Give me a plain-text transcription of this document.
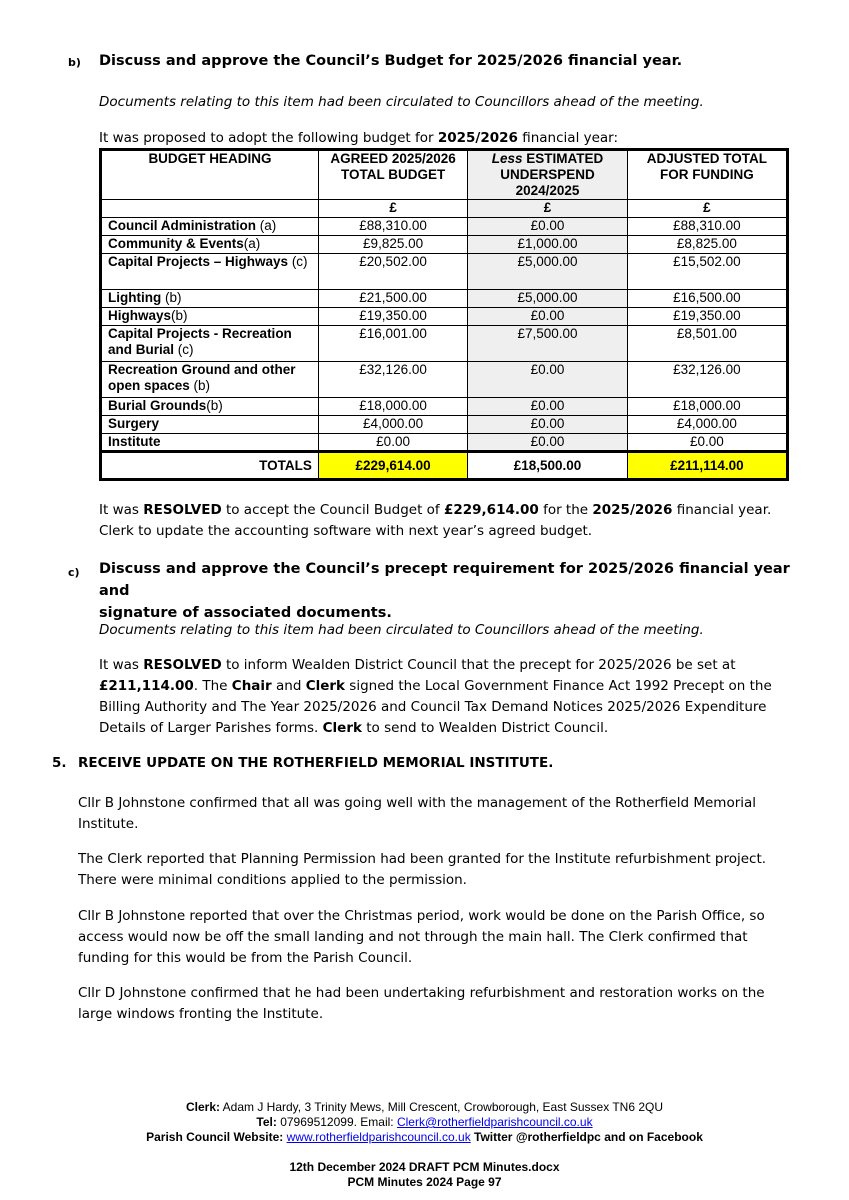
b) Discuss and approve the Council’s Budget for 2025/2026 financial year.
Documents relating to this item had been circulated to Councillors ahead of the meeting.
It was proposed to adopt the following budget for 2025/2026 financial year:
BUDGET HEADING	AGREED 2025/2026 TOTAL BUDGET	Less ESTIMATED UNDERSPEND 2024/2025	ADJUSTED TOTAL FOR FUNDING
	£	£	£
Council Administration (a)	£88,310.00	£0.00	£88,310.00
Community & Events(a)	£9,825.00	£1,000.00	£8,825.00
Capital Projects – Highways (c)	£20,502.00	£5,000.00	£15,502.00
Lighting (b)	£21,500.00	£5,000.00	£16,500.00
Highways(b)	£19,350.00	£0.00	£19,350.00
Capital Projects - Recreation and Burial (c)	£16,001.00	£7,500.00	£8,501.00
Recreation Ground and other open spaces (b)	£32,126.00	£0.00	£32,126.00
Burial Grounds(b)	£18,000.00	£0.00	£18,000.00
Surgery	£4,000.00	£0.00	£4,000.00
Institute	£0.00	£0.00	£0.00
TOTALS	£229,614.00	£18,500.00	£211,114.00
It was RESOLVED to accept the Council Budget of £229,614.00 for the 2025/2026 financial year. Clerk to update the accounting software with next year’s agreed budget.
c) Discuss and approve the Council’s precept requirement for 2025/2026 financial year and
signature of associated documents.
Documents relating to this item had been circulated to Councillors ahead of the meeting.
It was RESOLVED to inform Wealden District Council that the precept for 2025/2026 be set at £211,114.00. The Chair and Clerk signed the Local Government Finance Act 1992 Precept on the Billing Authority and The Year 2025/2026 and Council Tax Demand Notices 2025/2026 Expenditure Details of Larger Parishes forms. Clerk to send to Wealden District Council.
5. RECEIVE UPDATE ON THE ROTHERFIELD MEMORIAL INSTITUTE.
Cllr B Johnstone confirmed that all was going well with the management of the Rotherfield Memorial Institute.
The Clerk reported that Planning Permission had been granted for the Institute refurbishment project. There were minimal conditions applied to the permission.
Cllr B Johnstone reported that over the Christmas period, work would be done on the Parish Office, so access would now be off the small landing and not through the main hall. The Clerk confirmed that funding for this would be from the Parish Council.
Cllr D Johnstone confirmed that he had been undertaking refurbishment and restoration works on the large windows fronting the Institute.
Clerk: Adam J Hardy, 3 Trinity Mews, Mill Crescent, Crowborough, East Sussex TN6 2QU
Tel: 07969512099. Email: Clerk@rotherfieldparishcouncil.co.uk
Parish Council Website: www.rotherfieldparishcouncil.co.uk Twitter @rotherfieldpc and on Facebook
12th December 2024 DRAFT PCM Minutes.docx
PCM Minutes 2024 Page 97
